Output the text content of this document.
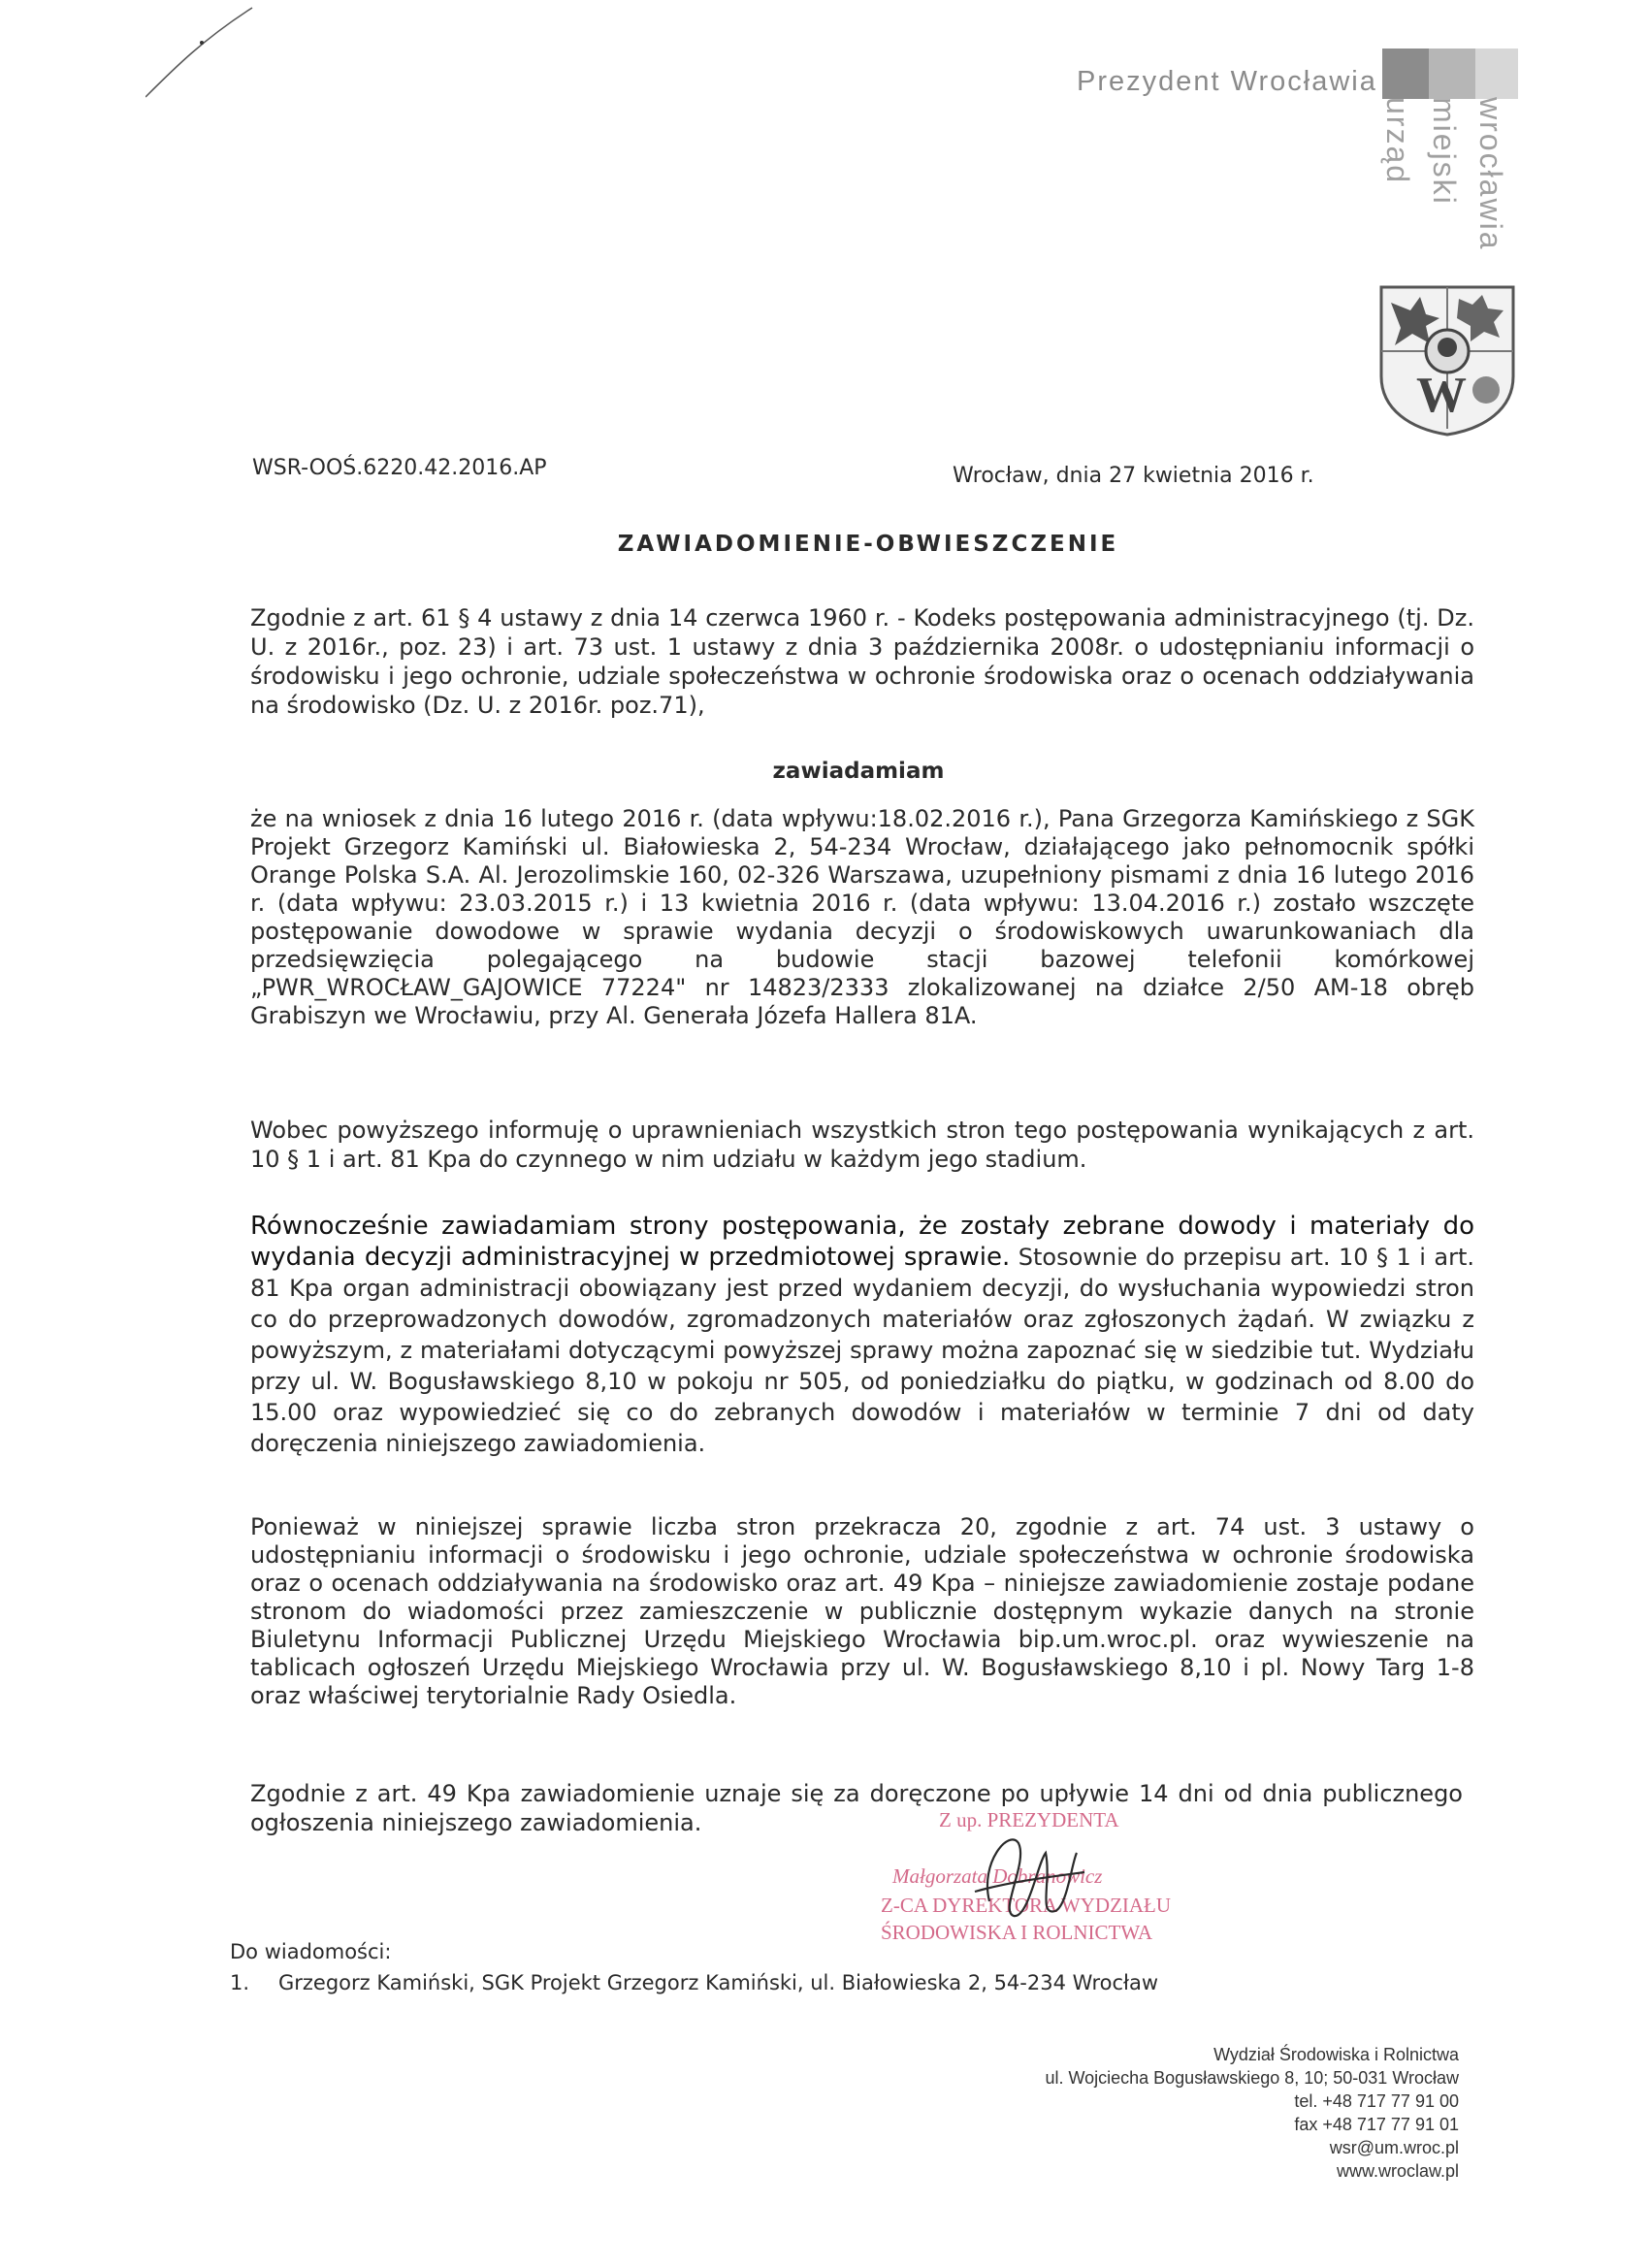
Prezydent Wrocławia
urząd miejski wrocławia
W
WSR-OOŚ.6220.42.2016.AP	Wrocław, dnia 27 kwietnia 2016 r.
ZAWIADOMIENIE-OBWIESZCZENIE
Zgodnie z art. 61 § 4 ustawy z dnia 14 czerwca 1960 r. - Kodeks postępowania administracyjnego (tj. Dz. U. z 2016r., poz. 23) i art. 73 ust. 1 ustawy z dnia 3 października 2008r. o udostępnianiu informacji o środowisku i jego ochronie, udziale społeczeństwa w ochronie środowiska oraz o ocenach oddziaływania na środowisko (Dz. U. z 2016r. poz.71),
zawiadamiam
że na wniosek z dnia 16 lutego 2016 r. (data wpływu:18.02.2016 r.), Pana Grzegorza Kamińskiego z SGK Projekt Grzegorz Kamiński ul. Białowieska 2, 54-234 Wrocław, działającego jako pełnomocnik spółki Orange Polska S.A. Al. Jerozolimskie 160, 02-326 Warszawa, uzupełniony pismami z dnia 16 lutego 2016 r. (data wpływu: 23.03.2015 r.) i 13 kwietnia 2016 r. (data wpływu: 13.04.2016 r.) zostało wszczęte postępowanie dowodowe w sprawie wydania decyzji o środowiskowych uwarunkowaniach dla przedsięwzięcia polegającego na budowie stacji bazowej telefonii komórkowej „PWR_WROCŁAW_GAJOWICE 77224" nr 14823/2333 zlokalizowanej na działce 2/50 AM-18 obręb Grabiszyn we Wrocławiu, przy Al. Generała Józefa Hallera 81A.
Wobec powyższego informuję o uprawnieniach wszystkich stron tego postępowania wynikających z art. 10 § 1 i art. 81 Kpa do czynnego w nim udziału w każdym jego stadium.
Równocześnie zawiadamiam strony postępowania, że zostały zebrane dowody i materiały do wydania decyzji administracyjnej w przedmiotowej sprawie. Stosownie do przepisu art. 10 § 1 i art. 81 Kpa organ administracji obowiązany jest przed wydaniem decyzji, do wysłuchania wypowiedzi stron co do przeprowadzonych dowodów, zgromadzonych materiałów oraz zgłoszonych żądań. W związku z powyższym, z materiałami dotyczącymi powyższej sprawy można zapoznać się w siedzibie tut. Wydziału przy ul. W. Bogusławskiego 8,10 w pokoju nr 505, od poniedziałku do piątku, w godzinach od 8.00 do 15.00 oraz wypowiedzieć się co do zebranych dowodów i materiałów w terminie 7 dni od daty doręczenia niniejszego zawiadomienia.
Ponieważ w niniejszej sprawie liczba stron przekracza 20, zgodnie z art. 74 ust. 3 ustawy o udostępnianiu informacji o środowisku i jego ochronie, udziale społeczeństwa w ochronie środowiska oraz o ocenach oddziaływania na środowisko oraz art. 49 Kpa – niniejsze zawiadomienie zostaje podane stronom do wiadomości przez zamieszczenie w publicznie dostępnym wykazie danych na stronie Biuletynu Informacji Publicznej Urzędu Miejskiego Wrocławia bip.um.wroc.pl. oraz wywieszenie na tablicach ogłoszeń Urzędu Miejskiego Wrocławia przy ul. W. Bogusławskiego 8,10 i pl. Nowy Targ 1-8 oraz właściwej terytorialnie Rady Osiedla.
Zgodnie z art. 49 Kpa zawiadomienie uznaje się za doręczone po upływie 14 dni od dnia publicznego ogłoszenia niniejszego zawiadomienia.	Z up. PREZYDENTA
Małgorzata Dobranowicz
Z-CA DYREKTORA WYDZIAŁU
ŚRODOWISKA I ROLNICTWA
Do wiadomości:
1. Grzegorz Kamiński, SGK Projekt Grzegorz Kamiński, ul. Białowieska 2, 54-234 Wrocław
Wydział Środowiska i Rolnictwa
ul. Wojciecha Bogusławskiego 8, 10; 50-031 Wrocław
tel. +48 717 77 91 00
fax +48 717 77 91 01
wsr@um.wroc.pl
www.wroclaw.pl
